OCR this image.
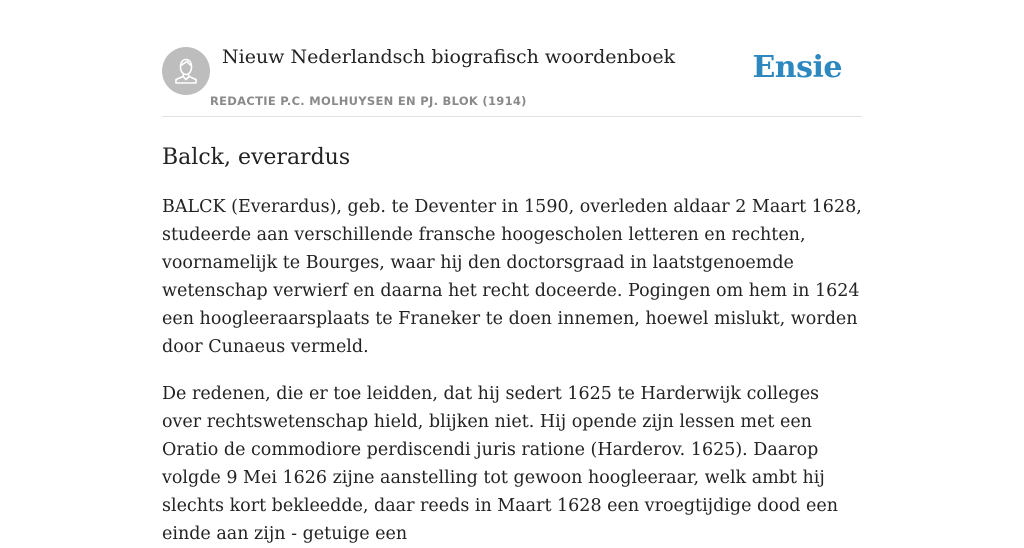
Nieuw Nederlandsch biografisch woordenboek
REDACTIE P.C. MOLHUYSEN EN PJ. BLOK (1914)
Ensie
Balck, everardus

BALCK (Everardus), geb. te Deventer in 1590, overleden aldaar 2 Maart 1628, studeerde aan verschillende fransche hoogescholen letteren en rechten, voornamelijk te Bourges, waar hij den doctorsgraad in laatstgenoemde wetenschap verwierf en daarna het recht doceerde. Pogingen om hem in 1624 een hoogleeraarsplaats te Franeker te doen innemen, hoewel mislukt, worden door Cunaeus vermeld.

De redenen, die er toe leidden, dat hij sedert 1625 te Harderwijk colleges over rechtswetenschap hield, blijken niet. Hij opende zijn lessen met een Oratio de commodiore perdiscendi juris ratione (Harderov. 1625). Daarop volgde 9 Mei 1626 zijne aanstelling tot gewoon hoogleeraar, welk ambt hij slechts kort bekleedde, daar reeds in Maart 1628 een vroegtijdige dood een einde aan zijn - getuige een
